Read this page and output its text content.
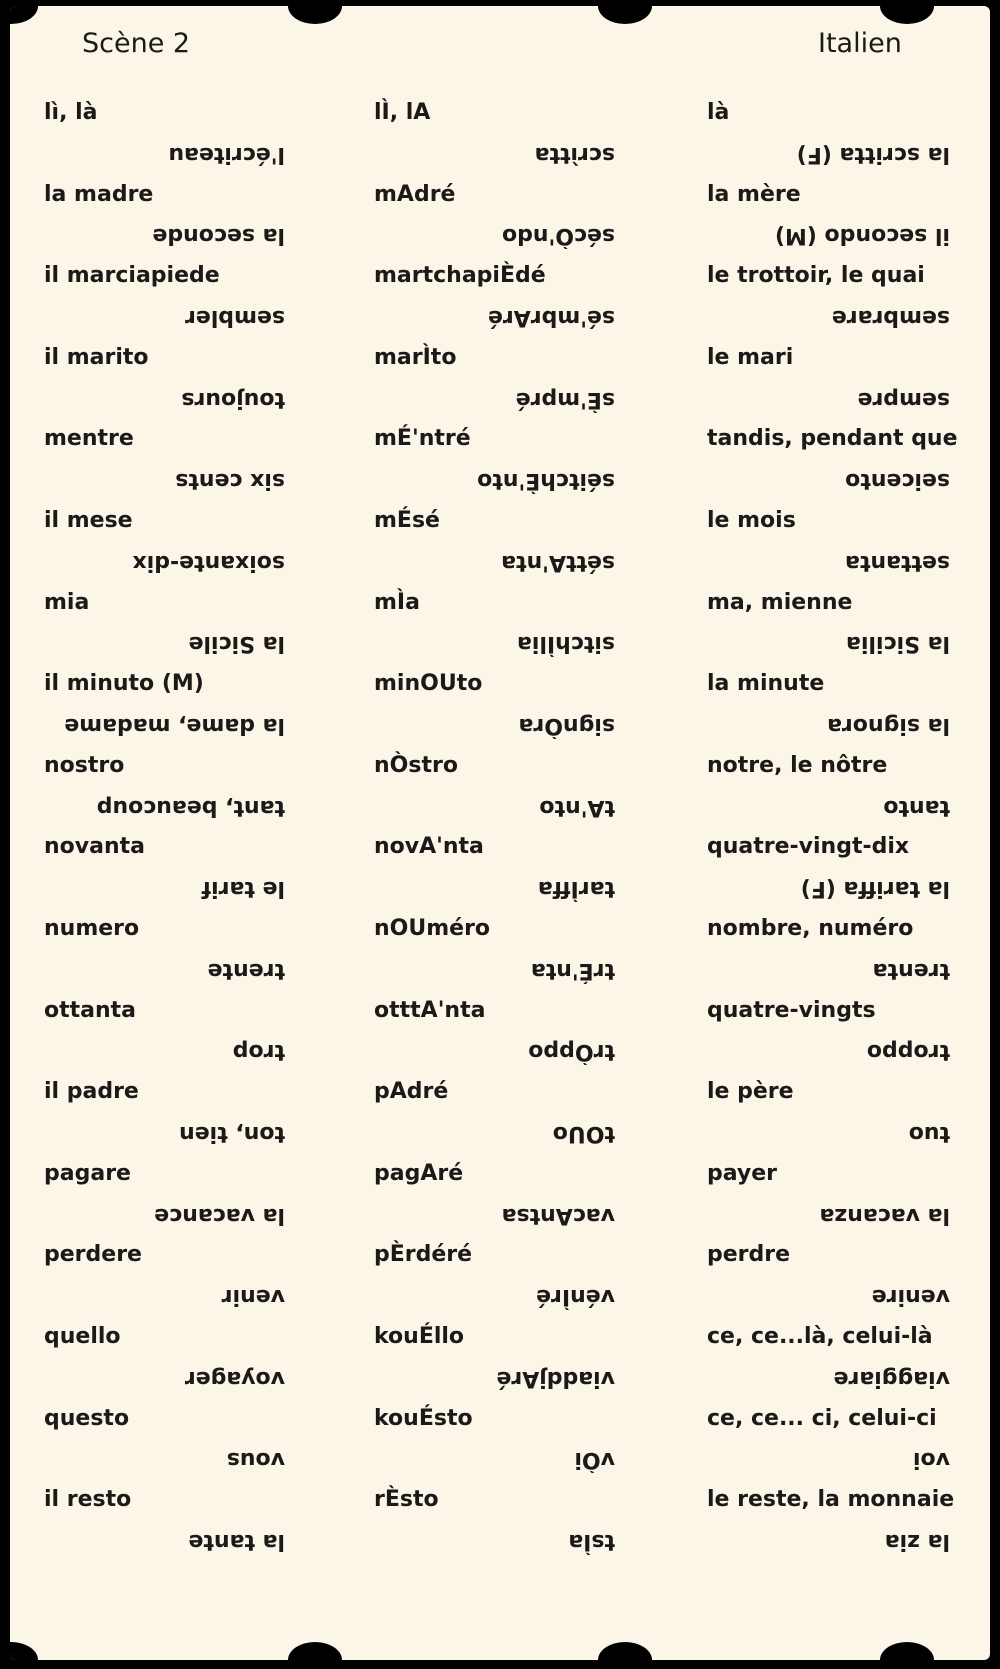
Scène 2	Italien
lì, là	lÌ, lA	là
l'écriteau	scrìtta	la scritta (F)
la madre	mAdré	la mère
la seconde	sécÒ'ndo	il secondo (M)
il marciapiede	martchapiÈdé	le trottoir, le quai
sembler	sé'mbrAré	sembrare
il marito	marÌto	le mari
toujours	sÈ'mpré	sempre
mentre	mÉ'ntré	tandis, pendant que
six cents	séitchÈ'nto	seicento
il mese	mÉsé	le mois
soixante-dix	séttA'nta	settanta
mia	mÌa	ma, mienne
la Sicile	sitchÌlia	la Sicilia
il minuto (M)	minOUto	la minute
la dame, madame	signÒra	la signora
nostro	nÒstro	notre, le nôtre
tant, beaucoup	tA'nto	tanto
novanta	novA'nta	quatre-vingt-dix
le tarif	tarÌffa	la tariffa (F)
numero	nOUméro	nombre, numéro
trente	trÉ'nta	trenta
ottanta	otttA'nta	quatre-vingts
trop	trÒppo	troppo
il padre	pAdré	le père
ton, tien	tOUo	tuo
pagare	pagAré	payer
la vacance	vacAntsa	la vacanza
perdere	pÈrdéré	perdre
venir	vénÌré	venire
quello	kouÉllo	ce, ce...là, celui-là
voyager	viaddjAré	viaggiare
questo	kouÉsto	ce, ce... ci, celui-ci
vous	vÒi	voi
il resto	rÈsto	le reste, la monnaie
la tante	tsÌa	la zia
